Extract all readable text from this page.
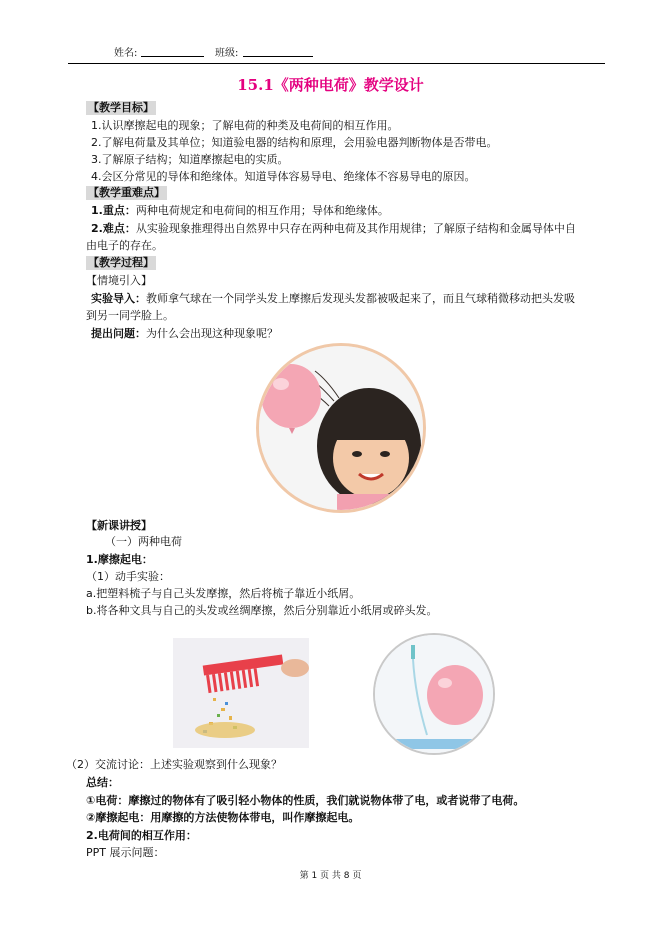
姓名:	班级:
15.1《两种电荷》教学设计
【教学目标】
1.认识摩擦起电的现象；了解电荷的种类及电荷间的相互作用。
2.了解电荷量及其单位；知道验电器的结构和原理，会用验电器判断物体是否带电。
3.了解原子结构；知道摩擦起电的实质。
4.会区分常见的导体和绝缘体。知道导体容易导电、绝缘体不容易导电的原因。
【教学重难点】
1.重点：两种电荷规定和电荷间的相互作用；导体和绝缘体。
2.难点：从实验现象推理得出自然界中只存在两种电荷及其作用规律；了解原子结构和金属导体中自
由电子的存在。
【教学过程】
【情境引入】
实验导入：教师拿气球在一个同学头发上摩擦后发现头发都被吸起来了，而且气球稍微移动把头发吸
到另一同学脸上。
提出问题：为什么会出现这种现象呢？
【新课讲授】
（一）两种电荷
1.摩擦起电：
（1）动手实验：
a.把塑料梳子与自己头发摩擦，然后将梳子靠近小纸屑。
b.将各种文具与自己的头发或丝绸摩擦，然后分别靠近小纸屑或碎头发。
（2）交流讨论：上述实验观察到什么现象？
总结：
①电荷：摩擦过的物体有了吸引轻小物体的性质，我们就说物体带了电，或者说带了电荷。
②摩擦起电：用摩擦的方法使物体带电，叫作摩擦起电。
2.电荷间的相互作用：
PPT 展示问题：
第 1 页 共 8 页
